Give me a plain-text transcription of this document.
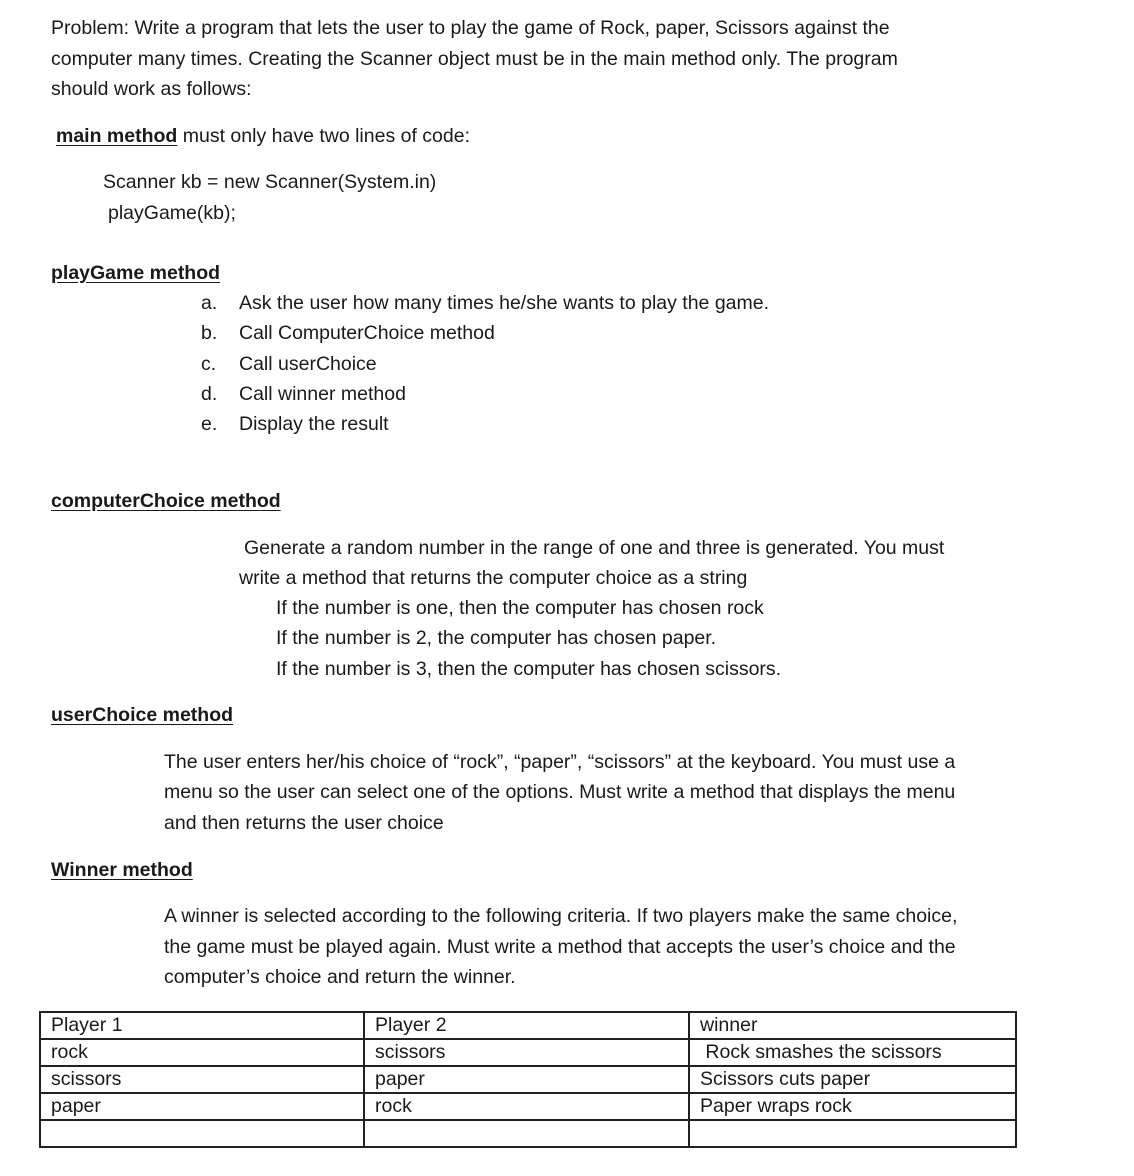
Problem: Write a program that lets the user to play the game of Rock, paper, Scissors against the
computer many times. Creating the Scanner object must be in the main method only. The program
should work as follows:
main method must only have two lines of code:
Scanner kb = new Scanner(System.in)
playGame(kb);
playGame method
a. Ask the user how many times he/she wants to play the game.
b. Call ComputerChoice method
c. Call userChoice
d. Call winner method
e. Display the result
computerChoice method
Generate a random number in the range of one and three is generated. You must
write a method that returns the computer choice as a string
If the number is one, then the computer has chosen rock
If the number is 2, the computer has chosen paper.
If the number is 3, then the computer has chosen scissors.
userChoice method
The user enters her/his choice of “rock”, “paper”, “scissors” at the keyboard. You must use a
menu so the user can select one of the options. Must write a method that displays the menu
and then returns the user choice
Winner method
A winner is selected according to the following criteria. If two players make the same choice,
the game must be played again. Must write a method that accepts the user’s choice and the
computer’s choice and return the winner.
Player 1	Player 2	winner
rock	scissors	Rock smashes the scissors
scissors	paper	Scissors cuts paper
paper	rock	Paper wraps rock
